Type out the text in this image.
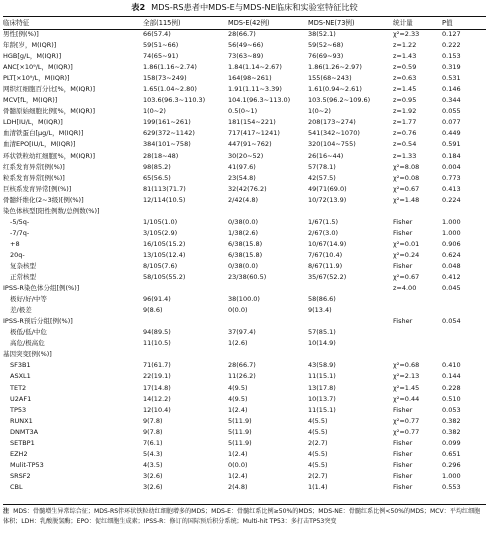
表2 MDS-RS患者中MDS-E与MDS-NE临床和实验室特征比较
临床特征	全部(115例)	MDS-E(42例)	MDS-NE(73例)	统计量	P值
男性[例(%)]	66(57.4)	28(66.7)	38(52.1)	χ²=2.33	0.127
年龄[岁，M(IQR)]	59(51~66)	56(49~66)	59(52~68)	z=1.22	0.222
HGB[g/L，M(IQR)]	74(65~91)	73(63~89)	76(69~93)	z=1.43	0.153
ANC[×10⁹/L，M(IQR)]	1.86(1.16~2.74)	1.84(1.14~2.67)	1.86(1.26~2.97)	z=0.59	0.319
PLT[×10⁹/L，M(IQR)]	158(73~249)	164(98~261)	155(68~243)	z=0.63	0.531
网织红细胞百分比[%，M(IQR)]	1.65(1.04~2.80)	1.91(1.11~3.39)	1.61(0.94~2.61)	z=1.45	0.146
MCV[fL，M(IQR)]	103.6(96.3~110.3)	104.1(96.3~113.0)	103.5(96.2~109.6)	z=0.95	0.344
骨髓原始细胞比例[%，M(IQR)]	1(0~2)	0.5(0~1)	1(0~2)	z=1.92	0.055
LDH[IU/L，M(IQR)]	199(161~261)	181(154~221)	208(173~274)	z=1.77	0.077
血清铁蛋白[μg/L，M(IQR)]	629(372~1142)	717(417~1241)	541(342~1070)	z=0.76	0.449
血清EPO[IU/L，M(IQR)]	384(101~758)	447(91~762)	320(104~755)	z=0.54	0.591
环状铁粒幼红细胞[%，M(IQR)]	28(18~48)	30(20~52)	26(16~44)	z=1.33	0.184
红系发育异常[例(%)]	98(85.2)	41(97.6)	57(78.1)	χ²=8.08	0.004
粒系发育异常[例(%)]	65(56.5)	23(54.8)	42(57.5)	χ²=0.08	0.773
巨核系发育异常[例(%)]	81(113(71.7)	32(42(76.2)	49(71(69.0)	χ²=0.67	0.413
骨髓纤维化(2~3级)[例(%)]	12/114(10.5)	2/42(4.8)	10/72(13.9)	χ²=1.48	0.224
染色体核型[阳性例数/总例数(%)]					
-5/5q-	1/105(1.0)	0/38(0.0)	1/67(1.5)	Fisher	1.000
-7/7q-	3/105(2.9)	1/38(2.6)	2/67(3.0)	Fisher	1.000
+8	16/105(15.2)	6/38(15.8)	10/67(14.9)	χ²=0.01	0.906
20q-	13/105(12.4)	6/38(15.8)	7/67(10.4)	χ²=0.24	0.624
复杂核型	8/105(7.6)	0/38(0.0)	8/67(11.9)	Fisher	0.048
正常核型	58/105(55.2)	23/38(60.5)	35/67(52.2)	χ²=0.67	0.412
IPSS-R染色体分组[例(%)]				z=4.00	0.045
极好/好/中等	96(91.4)	38(100.0)	58(86.6)		
差/极差	9(8.6)	0(0.0)	9(13.4)		
IPSS-R预后分组[例(%)]				Fisher	0.054
极低/低/中危	94(89.5)	37(97.4)	57(85.1)		
高危/极高危	11(10.5)	1(2.6)	10(14.9)		
基因突变[例(%)]					
SF3B1	71(61.7)	28(66.7)	43(58.9)	χ²=0.68	0.410
ASXL1	22(19.1)	11(26.2)	11(15.1)	χ²=2.13	0.144
TET2	17(14.8)	4(9.5)	13(17.8)	χ²=1.45	0.228
U2AF1	14(12.2)	4(9.5)	10(13.7)	χ²=0.44	0.510
TP53	12(10.4)	1(2.4)	11(15.1)	Fisher	0.053
RUNX1	9(7.8)	5(11.9)	4(5.5)	χ²=0.77	0.382
DNMT3A	9(7.8)	5(11.9)	4(5.5)	χ²=0.77	0.382
SETBP1	7(6.1)	5(11.9)	2(2.7)	Fisher	0.099
EZH2	5(4.3)	1(2.4)	4(5.5)	Fisher	0.651
Mulit-TP53	4(3.5)	0(0.0)	4(5.5)	Fisher	0.296
SRSF2	3(2.6)	1(2.4)	2(2.7)	Fisher	1.000
CBL	3(2.6)	2(4.8)	1(1.4)	Fisher	0.553
注 MDS：骨髓增生异常综合征；MDS-RS伴环状铁粒幼红细胞增多的MDS；MDS-E：骨髓红系比例≥50%的MDS；MDS-NE：骨髓红系比例<50%的MDS；MCV：平均红细胞体积；LDH：乳酸脱氢酶；EPO：促红细胞生成素；IPSS-R：修订的国际预后积分系统；Multi-hit TP53：多打击TP53突变
